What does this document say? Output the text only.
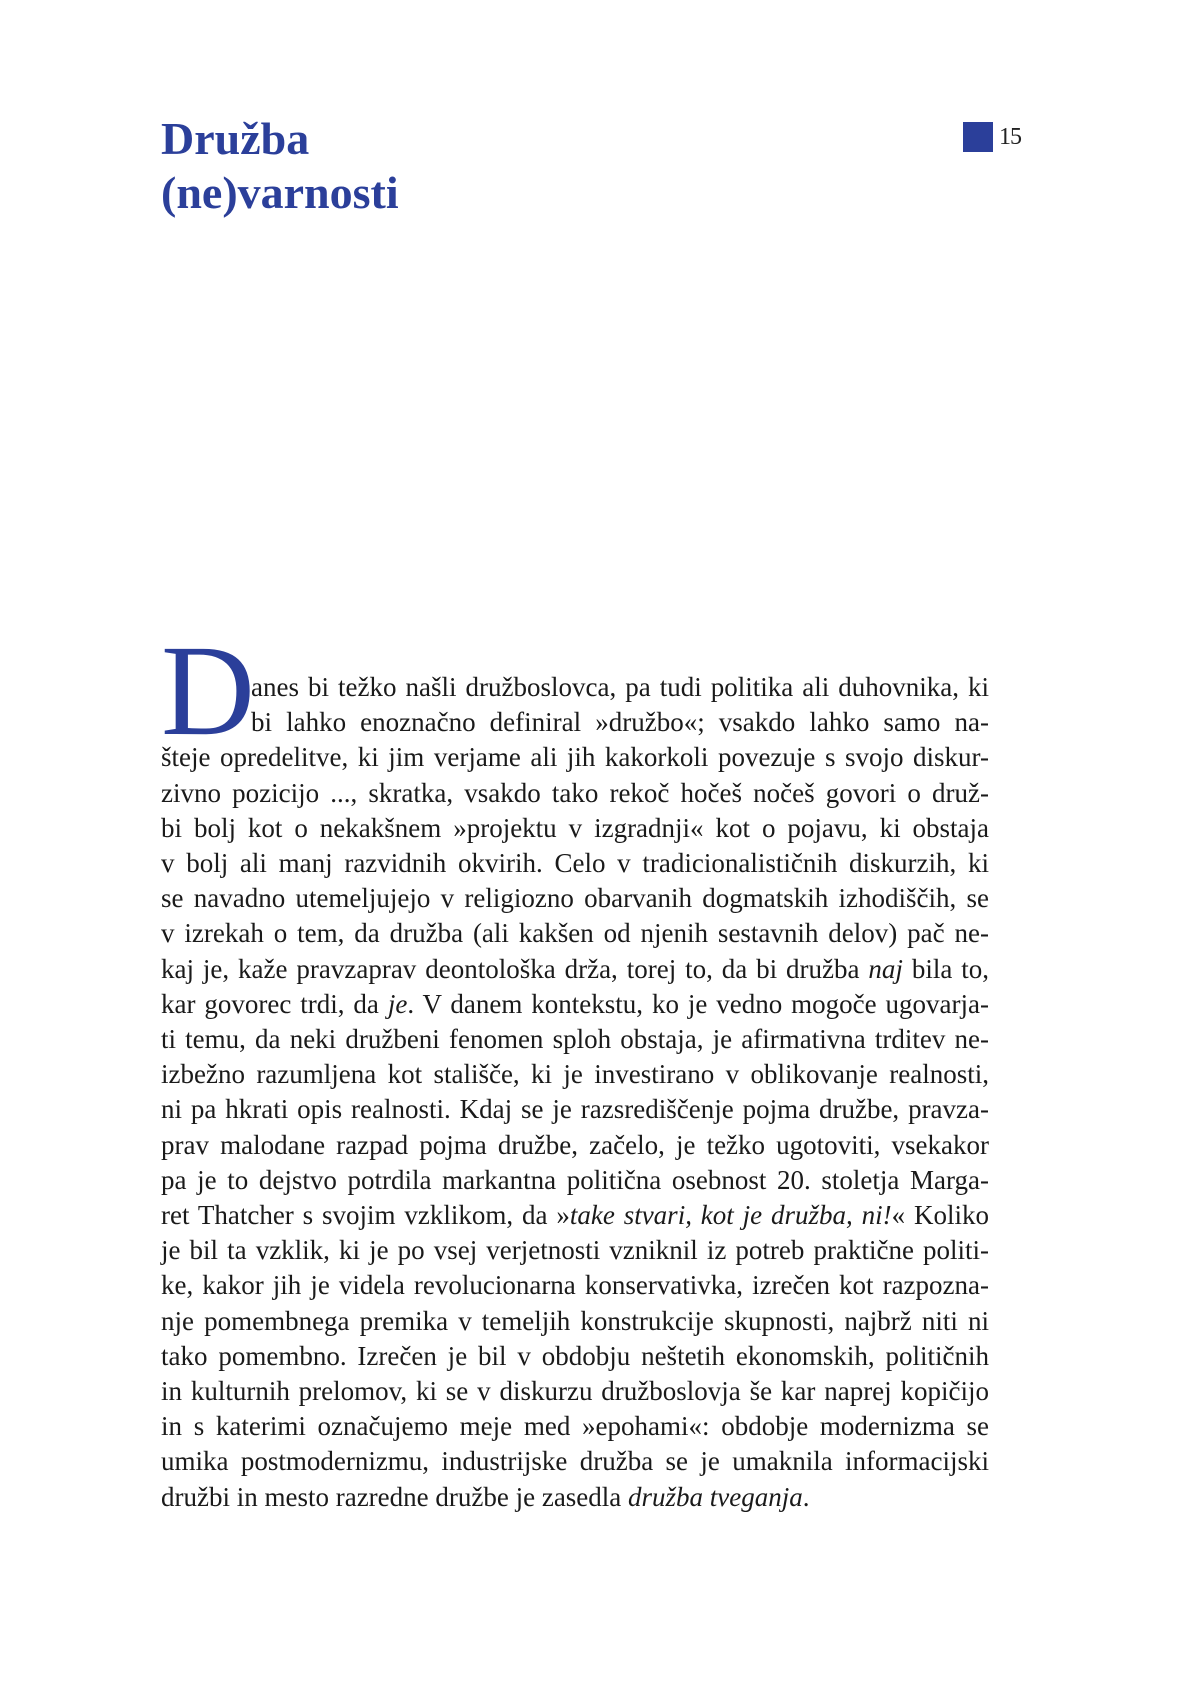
Družba
(ne)varnosti
15
D
anes bi težko našli družboslovca, pa tudi politika ali duhovnika, ki
bi lahko enoznačno definiral »družbo«; vsakdo lahko samo na-
šteje opredelitve, ki jim verjame ali jih kakorkoli povezuje s svojo diskur-
zivno pozicijo ..., skratka, vsakdo tako rekoč hočeš nočeš govori o druž-
bi bolj kot o nekakšnem »projektu v izgradnji« kot o pojavu, ki obstaja
v bolj ali manj razvidnih okvirih. Celo v tradicionalističnih diskurzih, ki
se navadno utemeljujejo v religiozno obarvanih dogmatskih izhodiščih, se
v izrekah o tem, da družba (ali kakšen od njenih sestavnih delov) pač ne-
kaj je, kaže pravzaprav deontološka drža, torej to, da bi družba naj bila to,
kar govorec trdi, da je. V danem kontekstu, ko je vedno mogoče ugovarja-
ti temu, da neki družbeni fenomen sploh obstaja, je afirmativna trditev ne-
izbežno razumljena kot stališče, ki je investirano v oblikovanje realnosti,
ni pa hkrati opis realnosti. Kdaj se je razsrediščenje pojma družbe, pravza-
prav malodane razpad pojma družbe, začelo, je težko ugotoviti, vsekakor
pa je to dejstvo potrdila markantna politična osebnost 20. stoletja Marga-
ret Thatcher s svojim vzklikom, da »take stvari, kot je družba, ni!« Koliko
je bil ta vzklik, ki je po vsej verjetnosti vzniknil iz potreb praktične politi-
ke, kakor jih je videla revolucionarna konservativka, izrečen kot razpozna-
nje pomembnega premika v temeljih konstrukcije skupnosti, najbrž niti ni
tako pomembno. Izrečen je bil v obdobju neštetih ekonomskih, političnih
in kulturnih prelomov, ki se v diskurzu družboslovja še kar naprej kopičijo
in s katerimi označujemo meje med »epohami«: obdobje modernizma se
umika postmodernizmu, industrijske družba se je umaknila informacijski
družbi in mesto razredne družbe je zasedla družba tveganja.
